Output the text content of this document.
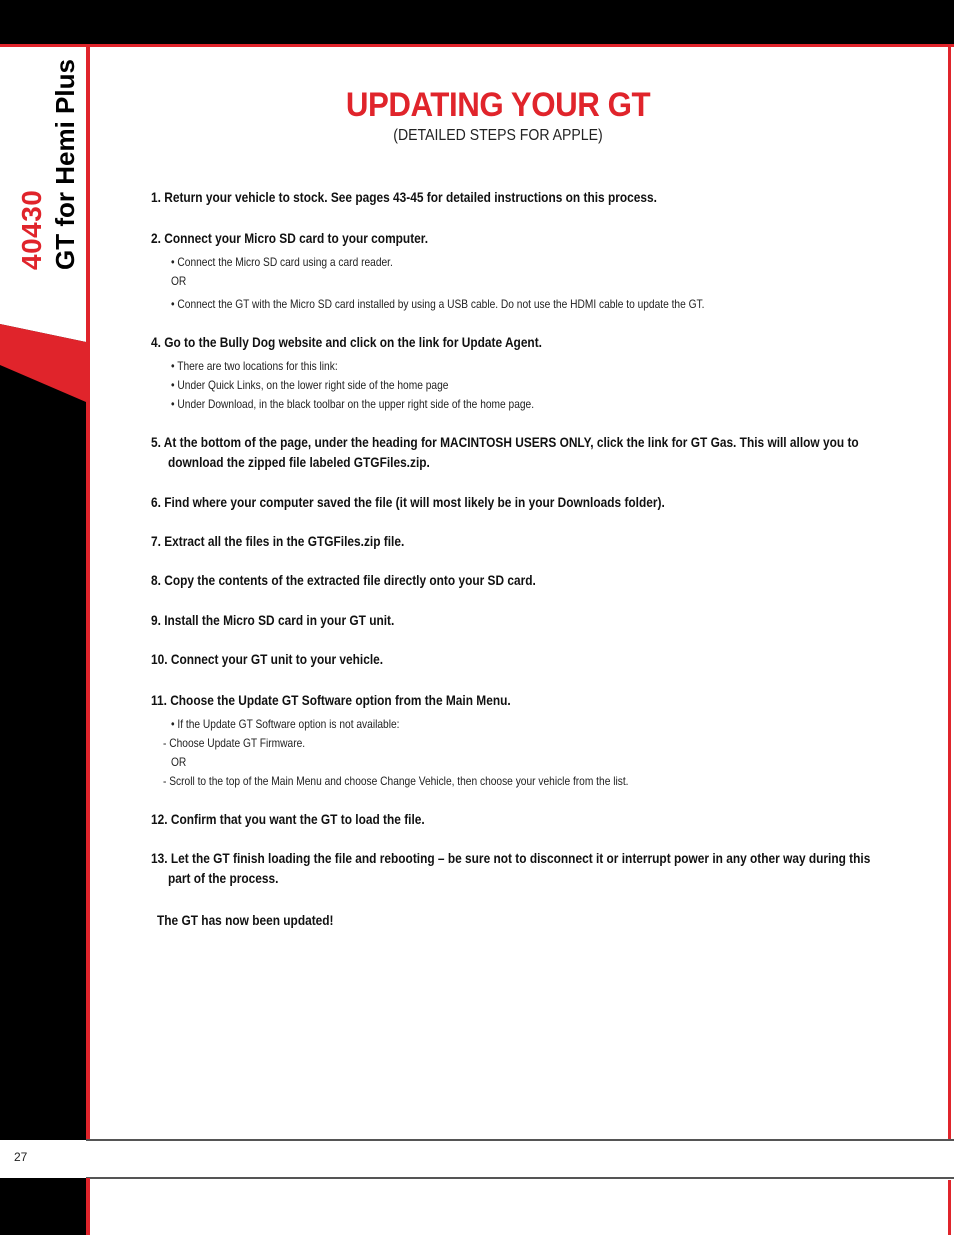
40430 GT for Hemi Plus	UPDATING YOUR GT
(DETAILED STEPS FOR APPLE)
1. Return your vehicle to stock. See pages 43-45 for detailed instructions on this process.
2. Connect your Micro SD card to your computer.
• Connect the Micro SD card using a card reader.
OR
• Connect the GT with the Micro SD card installed by using a USB cable. Do not use the HDMI cable to update the GT.
4. Go to the Bully Dog website and click on the link for Update Agent.
• There are two locations for this link:
• Under Quick Links, on the lower right side of the home page
• Under Download, in the black toolbar on the upper right side of the home page.
5. At the bottom of the page, under the heading for MACINTOSH USERS ONLY, click the link for GT Gas. This will allow you to
download the zipped file labeled GTGFiles.zip.
6. Find where your computer saved the file (it will most likely be in your Downloads folder).
7. Extract all the files in the GTGFiles.zip file.
8. Copy the contents of the extracted file directly onto your SD card.
9. Install the Micro SD card in your GT unit.
10. Connect your GT unit to your vehicle.
11. Choose the Update GT Software option from the Main Menu.
• If the Update GT Software option is not available:
- Choose Update GT Firmware.
OR
- Scroll to the top of the Main Menu and choose Change Vehicle, then choose your vehicle from the list.
12. Confirm that you want the GT to load the file.
13. Let the GT finish loading the file and rebooting – be sure not to disconnect it or interrupt power in any other way during this
part of the process.
The GT has now been updated!
27
